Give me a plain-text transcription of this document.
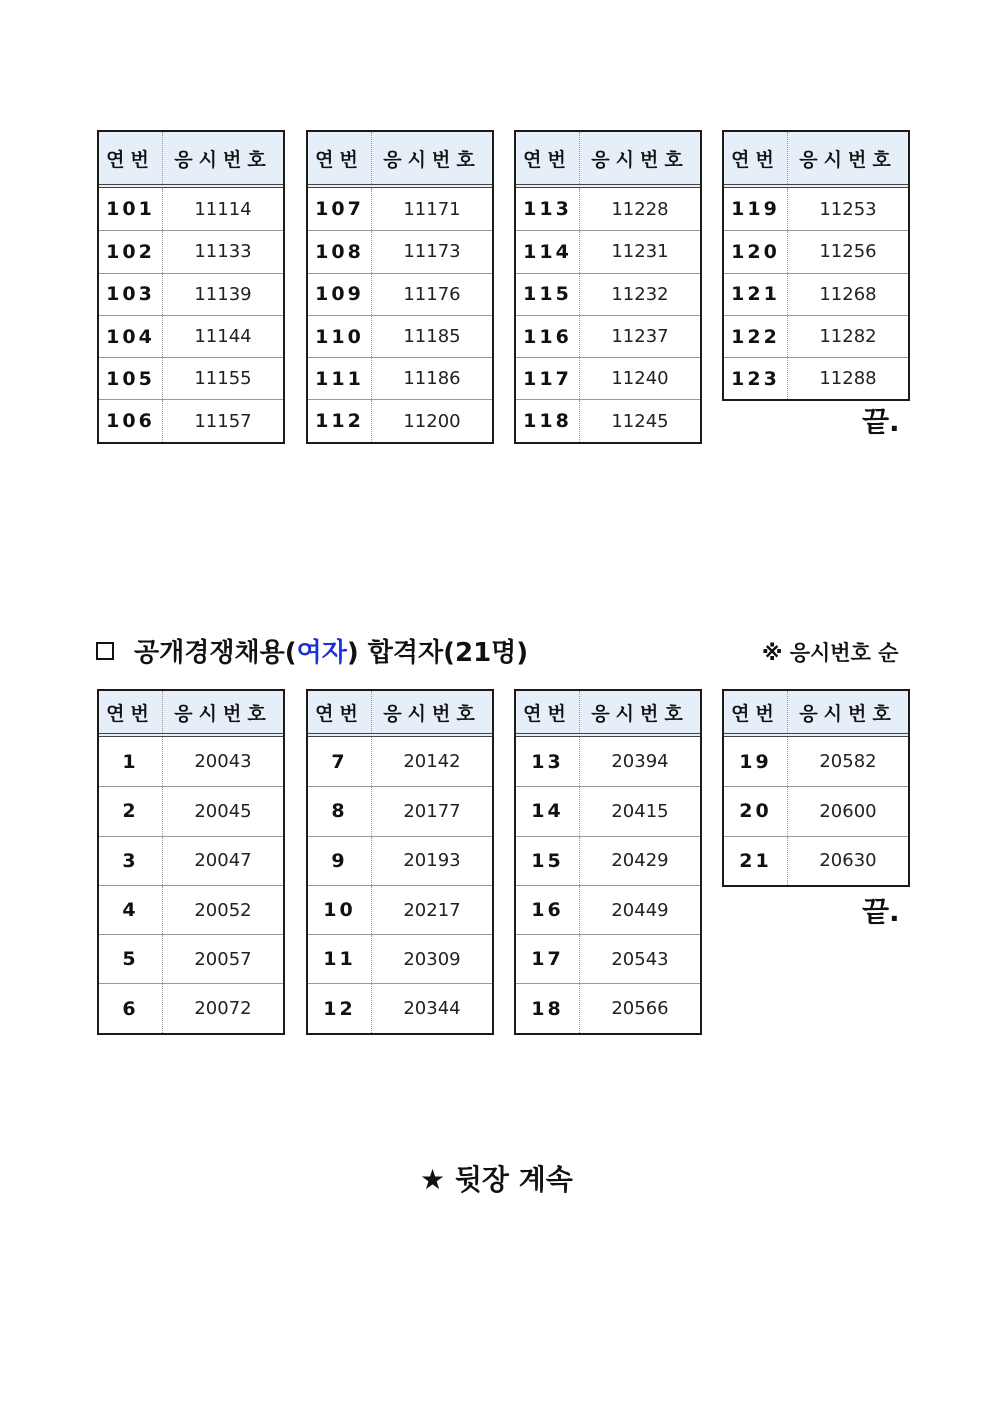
연번	응시번호
101	11114
102	11133
103	11139
104	11144
105	11155
106	11157
연번	응시번호
107	11171
108	11173
109	11176
110	11185
111	11186
112	11200
연번	응시번호
113	11228
114	11231
115	11232
116	11237
117	11240
118	11245
연번	응시번호
119	11253
120	11256
121	11268
122	11282
123	11288
끝.
공개경쟁채용( 여자 ) 합격자(21명)	※ 응시번호 순
연번	응시번호
1	20043
2	20045
3	20047
4	20052
5	20057
6	20072
연번	응시번호
7	20142
8	20177
9	20193
10	20217
11	20309
12	20344
연번	응시번호
13	20394
14	20415
15	20429
16	20449
17	20543
18	20566
연번	응시번호
19	20582
20	20600
21	20630
끝.
★ 뒷장 계속
